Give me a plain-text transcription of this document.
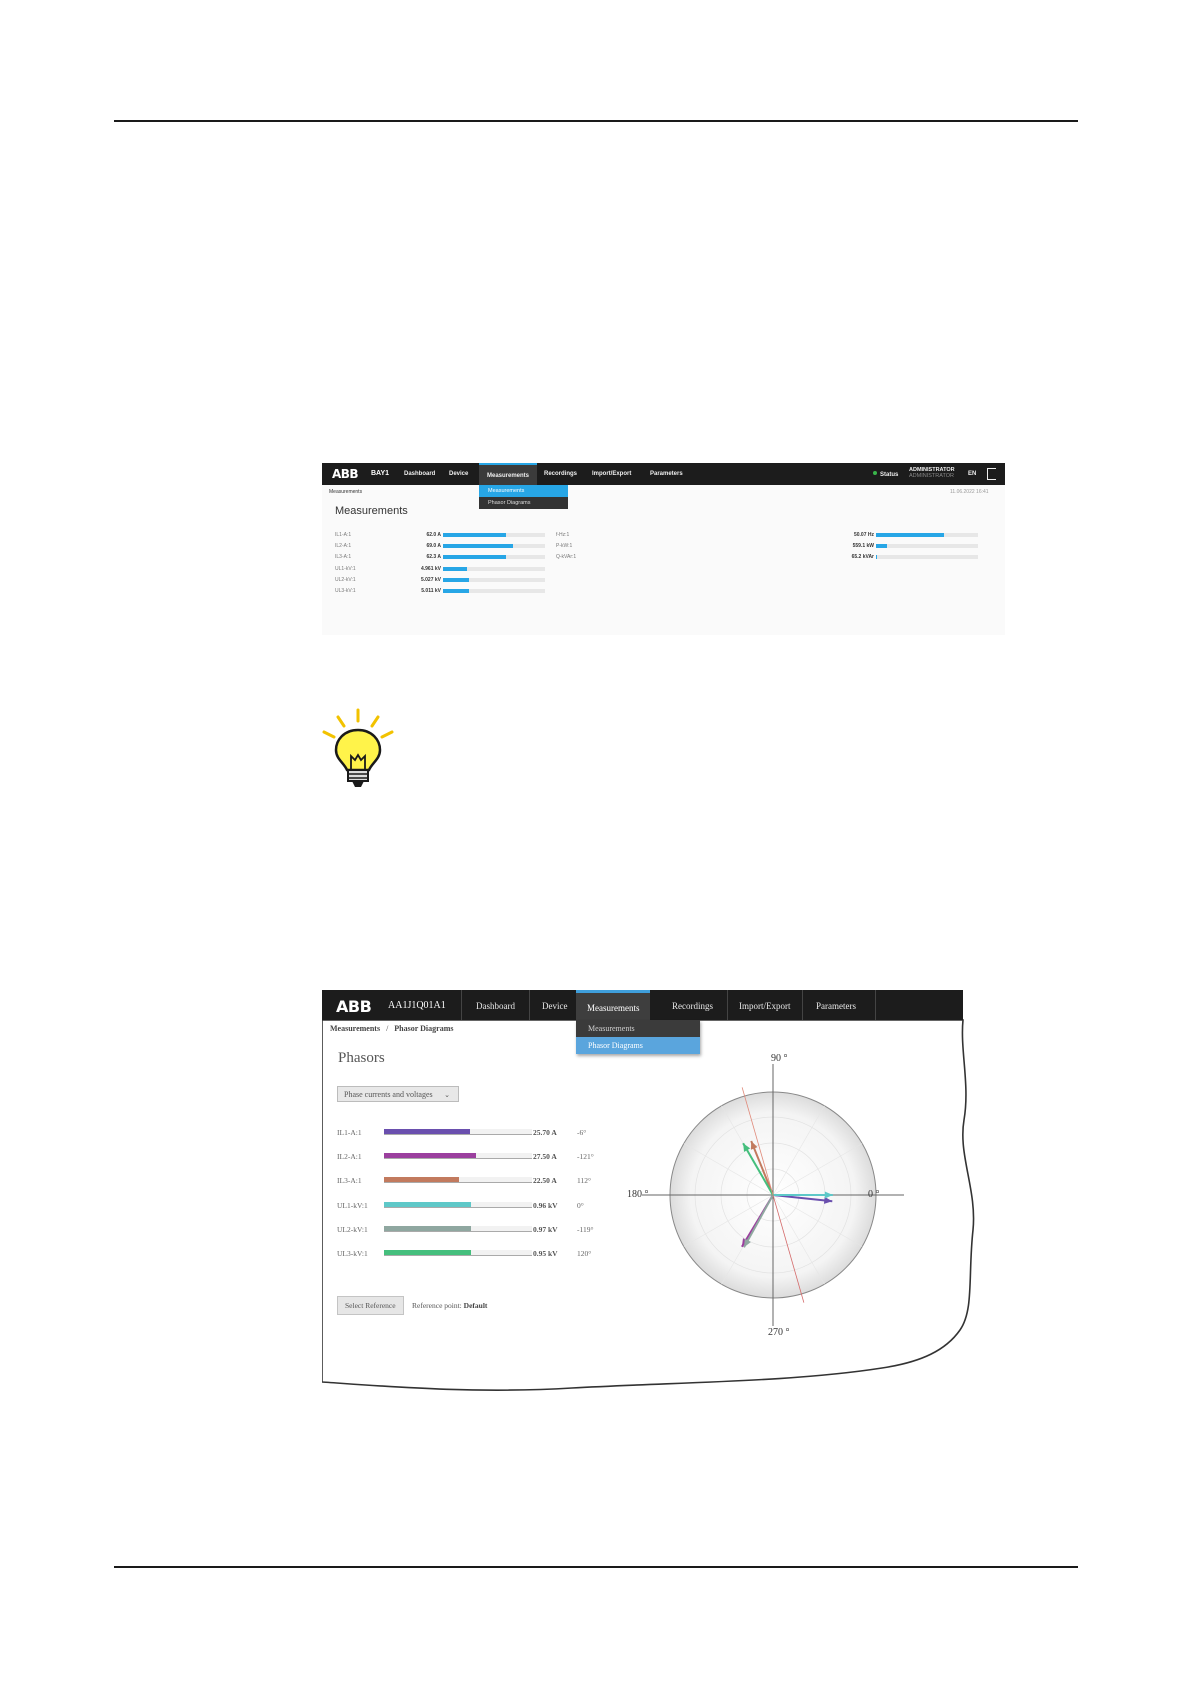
ABB BAY1 Dashboard Device	Measurements	Recordings Import/Export	Parameters	Status
ADMINISTRATOR
ADMINISTRATOR EN
Measurements
Phasor Diagrams
Measurements	11.06.2022 16:41
Measurements
IL1-A:1	62.0 A
IL2-A:1	69.0 A
IL3-A:1	62.3 A
UL1-kV:1	4.961 kV
UL2-kV:1	5.027 kV
UL3-kV:1	5.011 kV
f-Hz:1	50.07 Hz
P-kW:1	559.1 kW
Q-kVAr:1	65.2 kVAr
ABB AA1J1Q01A1	Dashboard	Device	Measurements	Recordings	Import/Export	Parameters
Measurements
Phasor Diagrams
Measurements / Phasor Diagrams
Phasors
Phase currents and voltages ⌄
IL1-A:1	25.70 A	-6°
IL2-A:1	27.50 A	-121°
IL3-A:1	22.50 A	112°
UL1-kV:1	0.96 kV	0°
UL2-kV:1	0.97 kV	-119°
UL3-kV:1	0.95 kV	120°
Select Reference	Reference point: Default
90 °
180 °	0 °
270 °
